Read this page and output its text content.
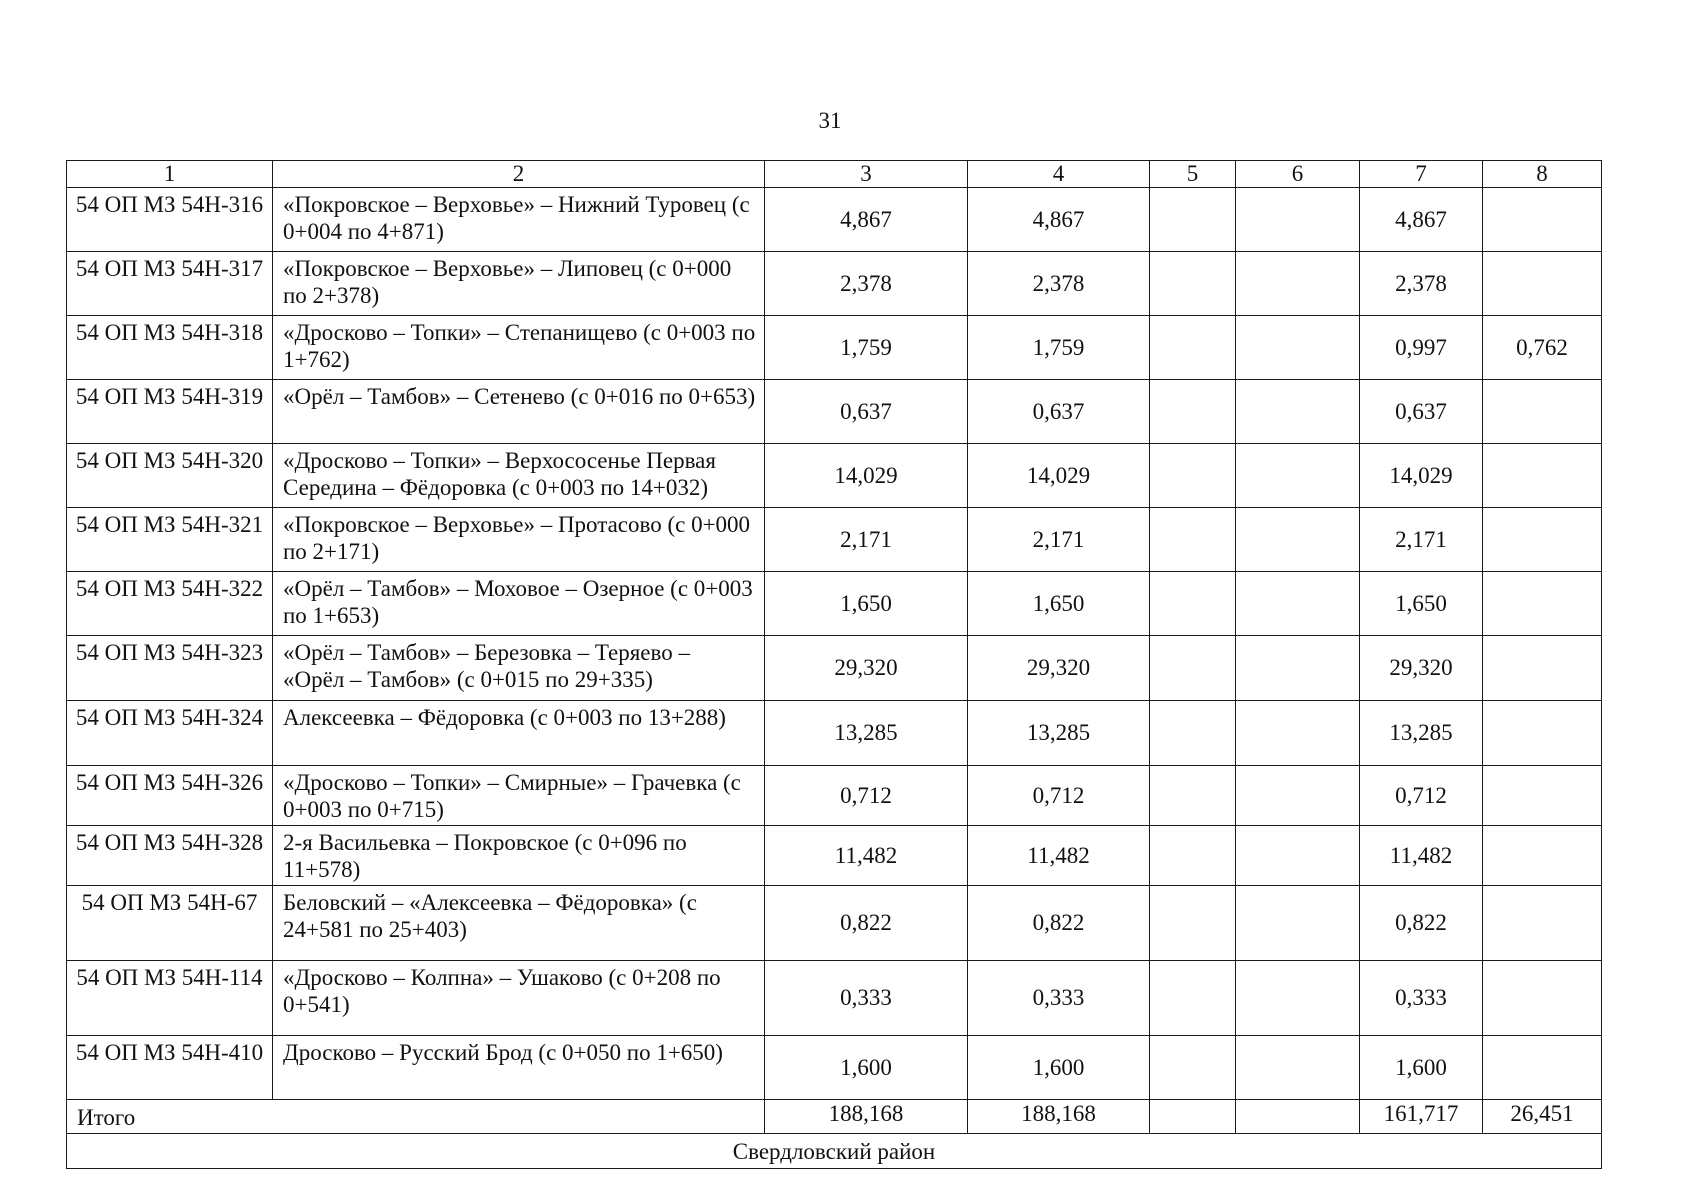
31
1	2	3	4	5	6	7	8
54 ОП МЗ 54Н-316	«Покровское – Верховье» – Нижний Туровец (с 0+004 по 4+871)	4,867	4,867			4,867	
54 ОП МЗ 54Н-317	«Покровское – Верховье» – Липовец (с 0+000 по 2+378)	2,378	2,378			2,378	
54 ОП МЗ 54Н-318	«Дросково – Топки» – Степанищево (с 0+003 по 1+762)	1,759	1,759			0,997	0,762
54 ОП МЗ 54Н-319	«Орёл – Тамбов» – Сетенево (с 0+016 по 0+653)	0,637	0,637			0,637	
54 ОП МЗ 54Н-320	«Дросково – Топки» – Верхососенье Первая Середина – Фёдоровка (с 0+003 по 14+032)	14,029	14,029			14,029	
54 ОП МЗ 54Н-321	«Покровское – Верховье» – Протасово (с 0+000 по 2+171)	2,171	2,171			2,171	
54 ОП МЗ 54Н-322	«Орёл – Тамбов» – Моховое – Озерное (с 0+003 по 1+653)	1,650	1,650			1,650	
54 ОП МЗ 54Н-323	«Орёл – Тамбов» – Березовка – Теряево – «Орёл – Тамбов» (с 0+015 по 29+335)	29,320	29,320			29,320	
54 ОП МЗ 54Н-324	Алексеевка – Фёдоровка (с 0+003 по 13+288)	13,285	13,285			13,285	
54 ОП МЗ 54Н-326	«Дросково – Топки» – Смирные» – Грачевка (с 0+003 по 0+715)	0,712	0,712			0,712	
54 ОП МЗ 54Н-328	2-я Васильевка – Покровское (с 0+096 по 11+578)	11,482	11,482			11,482	
54 ОП МЗ 54Н-67	Беловский – «Алексеевка – Фёдоровка» (с 24+581 по 25+403)	0,822	0,822			0,822	
54 ОП МЗ 54Н-114	«Дросково – Колпна» – Ушаково (с 0+208 по 0+541)	0,333	0,333			0,333	
54 ОП МЗ 54Н-410	Дросково – Русский Брод (с 0+050 по 1+650)	1,600	1,600			1,600	
Итого		188,168	188,168			161,717	26,451
Свердловский район							
